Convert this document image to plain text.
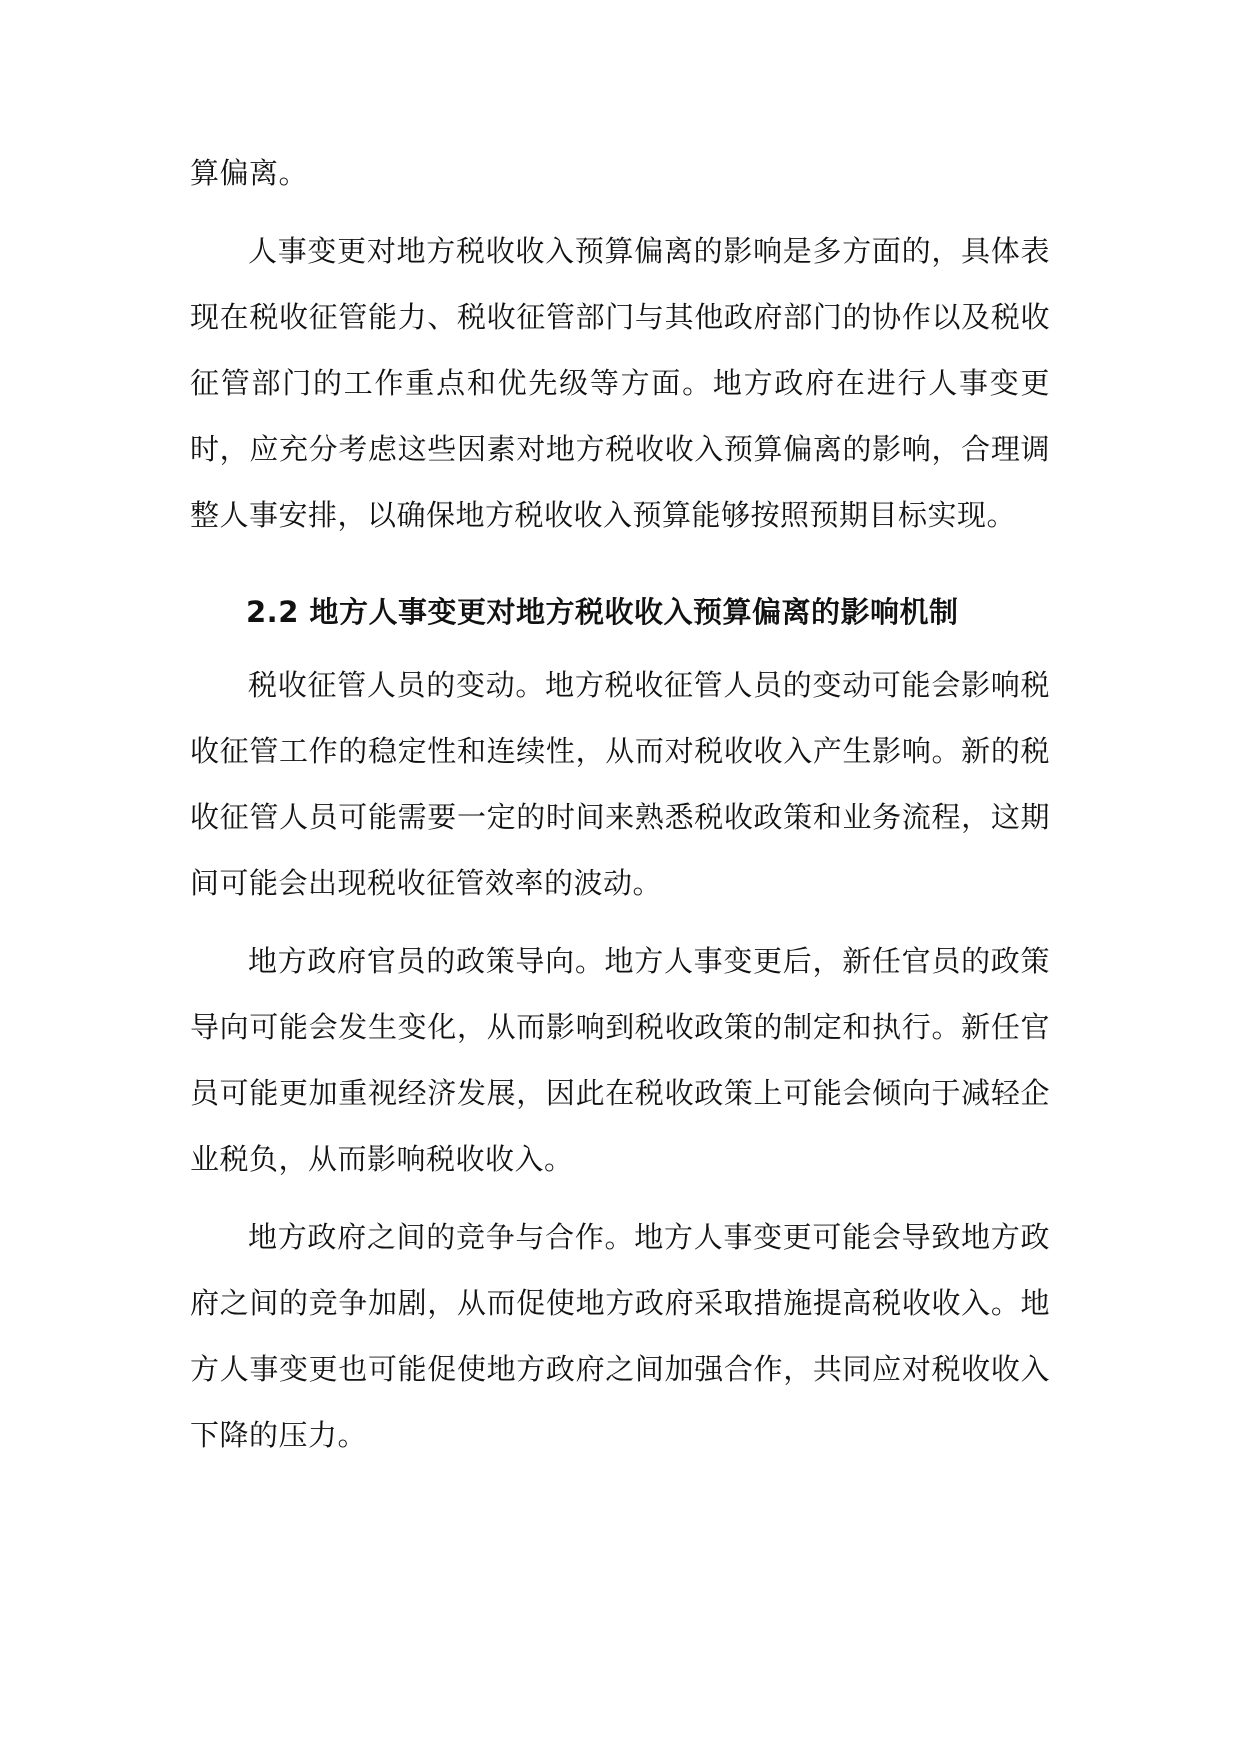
算偏离。

人事变更对地方税收收入预算偏离的影响是多方面的，具体表现在税收征管能力、税收征管部门与其他政府部门的协作以及税收征管部门的工作重点和优先级等方面。地方政府在进行人事变更时，应充分考虑这些因素对地方税收收入预算偏离的影响，合理调整人事安排，以确保地方税收收入预算能够按照预期目标实现。

2.2 地方人事变更对地方税收收入预算偏离的影响机制

税收征管人员的变动。地方税收征管人员的变动可能会影响税收征管工作的稳定性和连续性，从而对税收收入产生影响。新的税收征管人员可能需要一定的时间来熟悉税收政策和业务流程，这期间可能会出现税收征管效率的波动。

地方政府官员的政策导向。地方人事变更后，新任官员的政策导向可能会发生变化，从而影响到税收政策的制定和执行。新任官员可能更加重视经济发展，因此在税收政策上可能会倾向于减轻企业税负，从而影响税收收入。

地方政府之间的竞争与合作。地方人事变更可能会导致地方政府之间的竞争加剧，从而促使地方政府采取措施提高税收收入。地方人事变更也可能促使地方政府之间加强合作，共同应对税收收入下降的压力。
